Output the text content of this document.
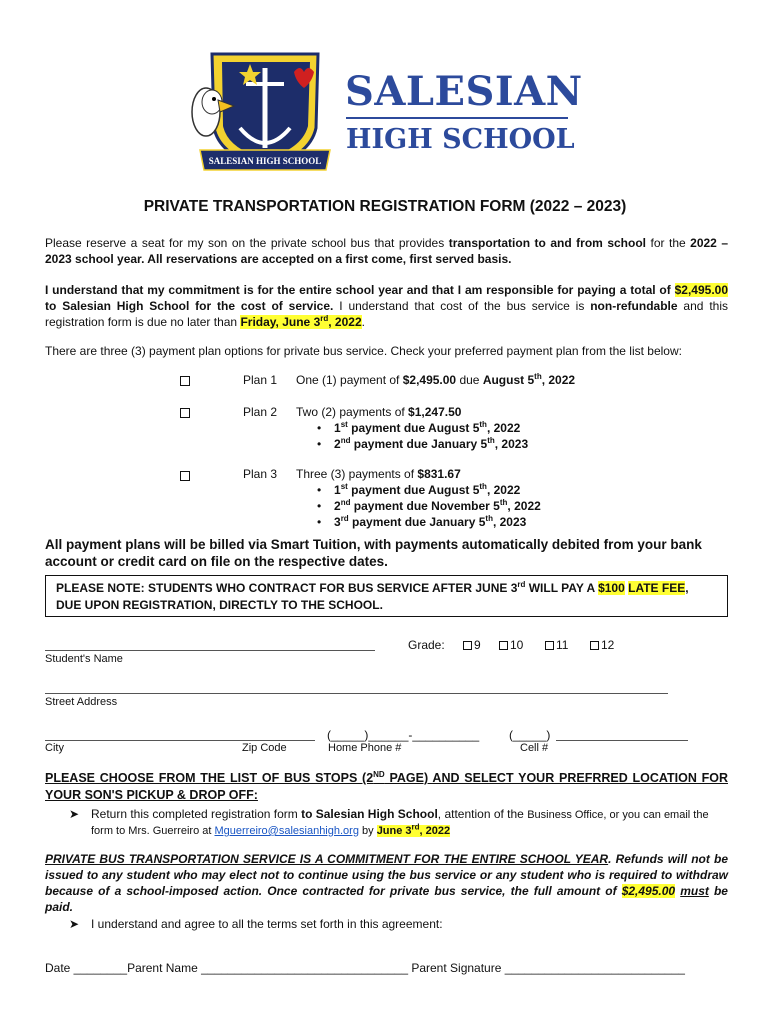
SALESIAN HIGH SCHOOL
SALESIAN
HIGH SCHOOL
PRIVATE TRANSPORTATION REGISTRATION FORM (2022 – 2023)
Please reserve a seat for my son on the private school bus that provides transportation to and from school for the 2022 – 2023 school year. All reservations are accepted on a first come, first served basis.
I understand that my commitment is for the entire school year and that I am responsible for paying a total of $2,495.00 to Salesian High School for the cost of service. I understand that cost of the bus service is non-refundable and this registration form is due no later than Friday, June 3rd, 2022.
There are three (3) payment plan options for private bus service. Check your preferred payment plan from the list below:
Plan 1 One (1) payment of $2,495.00 due August 5th, 2022
Plan 2 Two (2) payments of $1,247.50
• 1st payment due August 5th, 2022
• 2nd payment due January 5th, 2023
Plan 3 Three (3) payments of $831.67
• 1st payment due August 5th, 2022
• 2nd payment due November 5th, 2022
• 3rd payment due January 5th, 2023
All payment plans will be billed via Smart Tuition, with payments automatically debited from your bank account or credit card on file on the respective dates.
PLEASE NOTE: STUDENTS WHO CONTRACT FOR BUS SERVICE AFTER JUNE 3rd WILL PAY A $100 LATE FEE, DUE UPON REGISTRATION, DIRECTLY TO THE SCHOOL.
Student's Name
Grade:	9	10	11	12
Street Address
(_____)______-__________ (_____)
City	Zip Code	Home Phone #	Cell #
PLEASE CHOOSE FROM THE LIST OF BUS STOPS (2ND PAGE) AND SELECT YOUR PREFRRED LOCATION FOR YOUR SON'S PICKUP & DROP OFF:
➤ Return this completed registration form to Salesian High School, attention of the Business Office, or you can email the form to Mrs. Guerreiro at Mguerreiro@salesianhigh.org by June 3rd, 2022
PRIVATE BUS TRANSPORTATION SERVICE IS A COMMITMENT FOR THE ENTIRE SCHOOL YEAR. Refunds will not be issued to any student who may elect not to continue using the bus service or any student who is required to withdraw because of a school-imposed action. Once contracted for private bus service, the full amount of $2,495.00 must be paid.
➤ I understand and agree to all the terms set forth in this agreement:
Date ________Parent Name _______________________________ Parent Signature ___________________________
